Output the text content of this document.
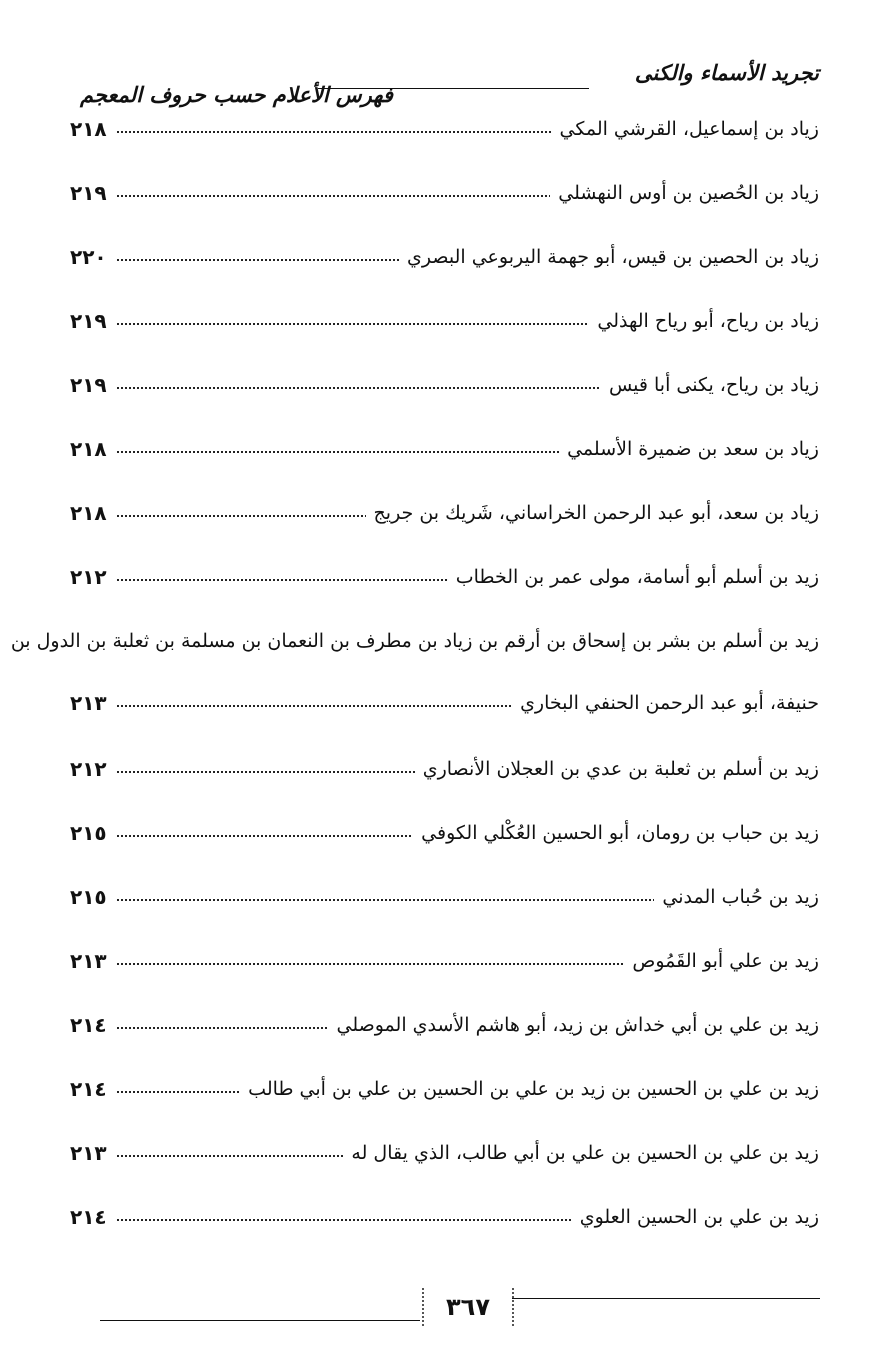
تجريد الأسماء والكنى
فهرس الأعلام حسب حروف المعجم
زياد بن إسماعيل، القرشي المكي
٢١٨
زياد بن الحُصين بن أوس النهشلي
٢١٩
زياد بن الحصين بن قيس، أبو جهمة اليربوعي البصري
٢٢٠
زياد بن رياح، أبو رياح الهذلي
٢١٩
زياد بن رياح، يكنى أبا قيس
٢١٩
زياد بن سعد بن ضميرة الأسلمي
٢١٨
زياد بن سعد، أبو عبد الرحمن الخراساني، شَريك بن جريج
٢١٨
زيد بن أسلم أبو أسامة، مولى عمر بن الخطاب
٢١٢
زيد بن أسلم بن بشر بن إسحاق بن أرقم بن زياد بن مطرف بن النعمان بن مسلمة بن ثعلبة بن الدول بن
حنيفة، أبو عبد الرحمن الحنفي البخاري
٢١٣
زيد بن أسلم بن ثعلبة بن عدي بن العجلان الأنصاري
٢١٢
زيد بن حباب بن رومان، أبو الحسين العُكْلي الكوفي
٢١٥
زيد بن حُباب المدني
٢١٥
زيد بن علي أبو القَمُوص
٢١٣
زيد بن علي بن أبي خداش بن زيد، أبو هاشم الأسدي الموصلي
٢١٤
زيد بن علي بن الحسين بن زيد بن علي بن الحسين بن علي بن أبي طالب
٢١٤
زيد بن علي بن الحسين بن علي بن أبي طالب، الذي يقال له
٢١٣
زيد بن علي بن الحسين العلوي
٢١٤
٣٦٧
